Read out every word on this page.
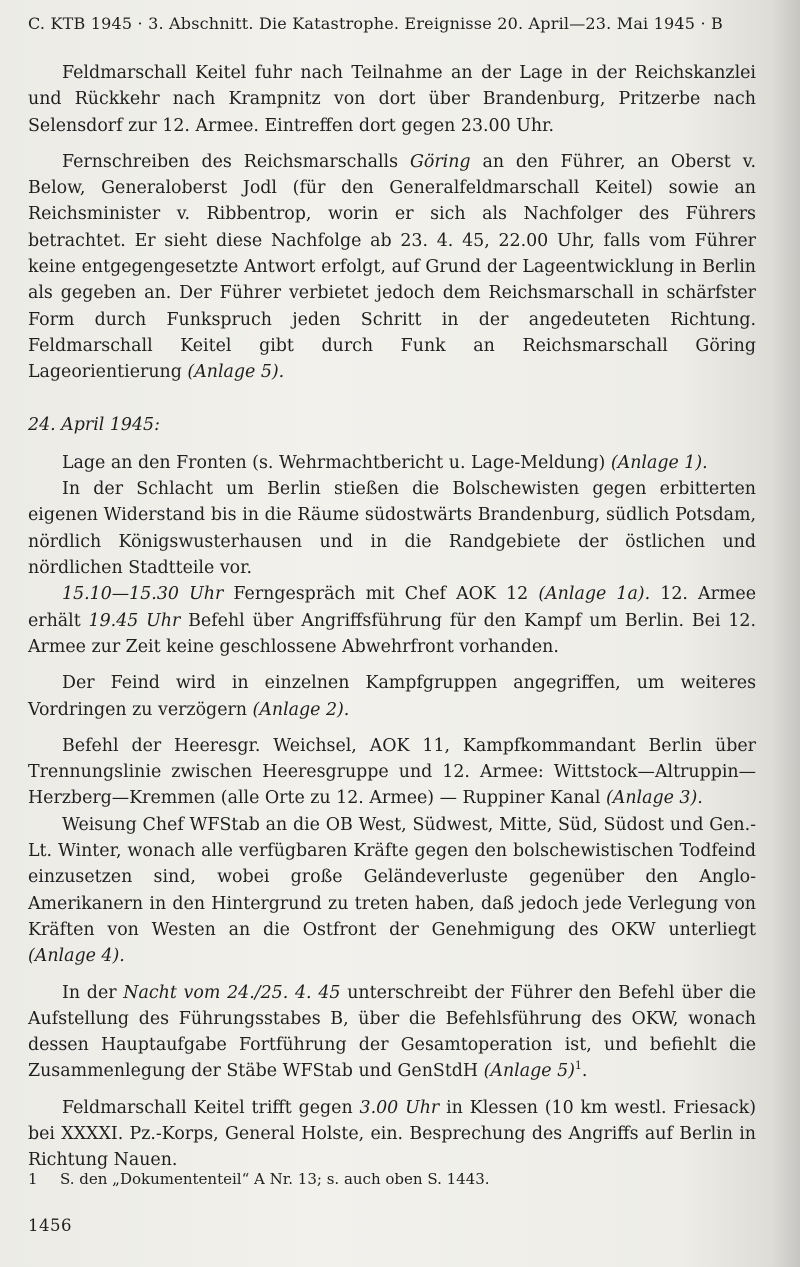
C. KTB 1945 · 3. Abschnitt. Die Katastrophe. Ereignisse 20. April—23. Mai 1945 · B

Feldmarschall Keitel fuhr nach Teilnahme an der Lage in der Reichskanzlei und Rückkehr nach Krampnitz von dort über Brandenburg, Pritzerbe nach Selensdorf zur 12. Armee. Eintreffen dort gegen 23.00 Uhr.

Fernschreiben des Reichsmarschalls Göring an den Führer, an Oberst v. Below, Generaloberst Jodl (für den Generalfeldmarschall Keitel) sowie an Reichsminister v. Ribbentrop, worin er sich als Nachfolger des Führers betrachtet. Er sieht diese Nachfolge ab 23. 4. 45, 22.00 Uhr, falls vom Führer keine entgegengesetzte Antwort erfolgt, auf Grund der Lageentwicklung in Berlin als gegeben an. Der Führer verbietet jedoch dem Reichsmarschall in schärfster Form durch Funkspruch jeden Schritt in der angedeuteten Richtung. Feldmarschall Keitel gibt durch Funk an Reichsmarschall Göring Lageorientierung (Anlage 5).

24. April 1945:

Lage an den Fronten (s. Wehrmachtbericht u. Lage-Meldung) (Anlage 1).

In der Schlacht um Berlin stießen die Bolschewisten gegen erbitterten eigenen Widerstand bis in die Räume südostwärts Brandenburg, südlich Potsdam, nördlich Königswusterhausen und in die Randgebiete der östlichen und nördlichen Stadtteile vor.

15.10—15.30 Uhr Ferngespräch mit Chef AOK 12 (Anlage 1a). 12. Armee erhält 19.45 Uhr Befehl über Angriffsführung für den Kampf um Berlin. Bei 12. Armee zur Zeit keine geschlossene Abwehrfront vorhanden.

Der Feind wird in einzelnen Kampfgruppen angegriffen, um weiteres Vordringen zu verzögern (Anlage 2).

Befehl der Heeresgr. Weichsel, AOK 11, Kampfkommandant Berlin über Trennungslinie zwischen Heeresgruppe und 12. Armee: Wittstock—Altruppin—Herzberg—Kremmen (alle Orte zu 12. Armee) — Ruppiner Kanal (Anlage 3).

Weisung Chef WFStab an die OB West, Südwest, Mitte, Süd, Südost und Gen.-Lt. Winter, wonach alle verfügbaren Kräfte gegen den bolschewistischen Todfeind einzusetzen sind, wobei große Geländeverluste gegenüber den Anglo-Amerikanern in den Hintergrund zu treten haben, daß jedoch jede Verlegung von Kräften von Westen an die Ostfront der Genehmigung des OKW unterliegt (Anlage 4).

In der Nacht vom 24./25. 4. 45 unterschreibt der Führer den Befehl über die Aufstellung des Führungsstabes B, über die Befehlsführung des OKW, wonach dessen Hauptaufgabe Fortführung der Gesamtoperation ist, und befiehlt die Zusammenlegung der Stäbe WFStab und GenStdH (Anlage 5)$^1$.

Feldmarschall Keitel trifft gegen 3.00 Uhr in Klessen (10 km westl. Friesack) bei XXXXI. Pz.-Korps, General Holste, ein. Besprechung des Angriffs auf Berlin in Richtung Nauen.

1 S. den „Dokumententeil“ A Nr. 13; s. auch oben S. 1443.
1456
